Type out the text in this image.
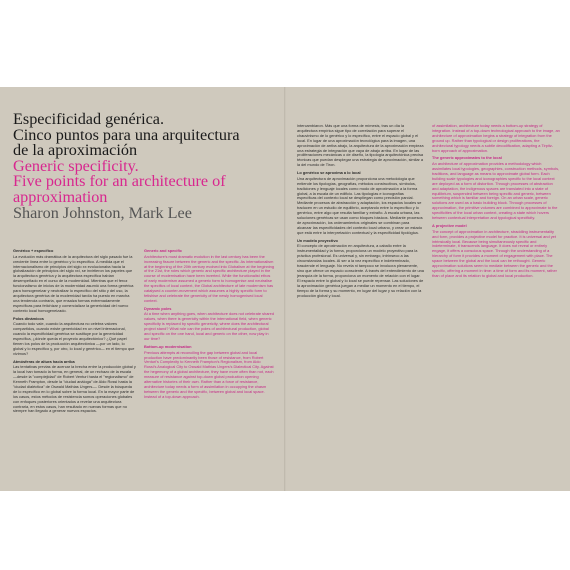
Especificidad genérica.
Cinco puntos para una arquitectura
de la aproximación
Generic specificity.
Five points for an architecture of
approximation
Sharon Johnston, Mark Lee
Genérico + específico

La evolución más dramática de la arquitectura del siglo pasado fue la creciente línea entre lo genérico y lo específico. A medida que el internacionalismo de principios del siglo xx evolucionaba hacia la globalización de principios del siglo xxi, se invirtieron los papeles que la arquitectura genérica y la arquitectura específica habían desempeñado en el curso de la modernidad. Mientras que el feroz funcionalismo de inicios de la modernidad asumió una forma genérica para homogeneizar y neutralizar lo específico del sitio y del uso, la arquitectura genérica de la modernidad tardía ha puesto en marcha una tendencia contraria, que ensalza formas extremadamente específicas para fetichizar y comercializar la genericidad del nuevo contexto local homogeneizado.

Polos dinámicos

Cuando todo vale, cuando la arquitectura no celebra valores compartidos, cuando existe genericidad en un nivel internacional, cuando la especificidad genérica se sustituye por la genericidad específica, ¿dónde queda el proyecto arquitectónico? ¿Qué papel tienen los polos de la producción arquitectónica —por un lado, lo global y lo específico y, por otro, lo local y genérico— en el tiempo que vivimos?

Atmósferas de altura hacia arriba

Las tentativas previas de acercar la brecha entre la producción global y la local han tomado la forma, en general, de un rechazo de la escala —desde la "complejidad" de Robert Venturi hasta el "regionalismo" de Kenneth Frampton, desde la "ciudad análoga" de Aldo Rossi hasta la "ciudad dialéctica" de Oswald Mathias Ungers—. Desde la búsqueda de lo específico en lo global sobre la forma local. En la mayor parte de los casos, estos métodos de resistencia somos operaciones globales con enfoques posteriores orientados a revelar una arquitectura contraria, en estos casos, han resultado en nuevas formas que no siempre han llegado a generar nuevos espacios.

Generic and specific

Architecture's most dramatic evolution in the last century has been the increasing fissure between the generic and the specific. As internationalism at the beginning of the 20th century evolved into Globalism at the beginning of the 21st, the roles which generic and specific architecture played in the course of modernisation have been inverted. While the functionalist ethos of early modernism assumed a generic form to homogenise and neutralise the specifics of local context, the Global architecture of late modernism has catalysed a counter-movement which assumes a highly specific form to fetishise and celebrate the genericity of the newly homogenised local context.

Dynamic poles

At a time when anything goes, when architecture does not celebrate shared values, when there is genericity within the international field, when generic specificity is replaced by specific genericity, where does the architectural project stand? What role can the poles of architectural production, global and specific on the one hand, local and generic on the other, now play in our time?

Bottom-up modernisation

Previous attempts at reconciling the gap between global and local production have predominantly been those of resistance, from Robert Venturi's Complexity to Kenneth Frampton's Regionalism, from Aldo Rossi's Analogical City to Oswald Mathias Ungers's Dialectical City. Against the hegemony of a global architecture, they have more often than not, each measure of resistance against top-down global production opening alternative histories of their own. Rather than a force of resistance, architecture today needs a form of assimilation in occupying the chasm between the generic and the specific, between global and local space. Instead of a top-down approach.

intercambiaron. Más que una forma de mímesis, tras un día la arquitectura empírica sigue tipo de correlación para superar el chauvinismo de lo genérico y lo específico, entre el espacio global y el local. En lugar de una aproximación tecnológica para la imagen, una aproximación de arriba abajo, la arquitectura de la aproximación empieza una estrategia de integración que vaya de abajo arriba. En lugar de las proliferaciones mecánicas o de diseño, la tipología arquitectónica precisa técnicas que puedan desplegar una estrategia de aproximación, similar a la del mundo de Tiron.

Lo genérico se aproxima a lo local

Una arquitectura de aproximación proporciona una metodología que entiende los tipologías, geografías, métodos constructivos, símbolos, tradiciones y lenguaje locales como modo de aproximación a la forma global, a la escala de un edificio. Las tipologías e iconografías específicas del contexto local se despliegan como precisión parcial. Mediante procesos de abstracción y adaptación, los espacios locales se traducen en un estudio de equilibrio, aceptando entre lo específico y lo genérico, entre algo que resulta familiar y extraño. A escala urbana, las soluciones genéricas se usan como bloques básicos. Mediante procesos de aproximación, los ordenamientos originales se combinan para alcanzar las especificidades del contexto local urbano, y crear un estado que está entre la interpretación contextual y la especificidad tipológica.

Un modelo proyectivo

El concepto de aproximación en arquitectura, a caballo entre la instrumentalidad y la forma, proporciona un modelo proyectivo para la práctica profesional. Es universal y, sin embargo, intrínseco a las circunstancias locales. Al ser a la vez específico e indeterminado, trasciende el lenguaje. No revela ni tampoco se involucra plenamente, sino que ofrece un espacio consciente. A través del entendimiento de una jerarquía de la forma, proporciona un momento de relación con el lugar. El espacio entre lo global y lo local se puede repensar. Las soluciones de la aproximación genérica juegan a mediar un momento en el tiempo, el tiempo de la forma y su momento, en lugar del lugar y su relación con la producción global y local.

of assimilation, architecture today needs a bottom-up strategy of integration. Instead of a top-down technological approach to the image, an architecture of approximation begins a strategy of integration from the ground up. Rather than typological or design proliferations, the architectural typology needs a subtle decodification, adapting a Tirpitz-born approach of approximation.

The generic approximates to the local

An architecture of approximation provides a methodology which assimilates local typologies, geographies, construction methods, symbols, traditions, and language as means to approximate global form. Each building scale typologies and iconographies specific to the local context are deployed as a form of distortion. Through processes of abstraction and adaptation, the indigenous spaces are translated into a state of equilibrium, suspended between being specific and generic, between something which is familiar and foreign. On an urban scale, generic solutions are used as a basic building block. Through processes of approximation, the primitive volumes are combined to approximate to the specificities of the local urban context, creating a state which hovers between contextual interpretation and typological specificity.

A projective model

The concept of approximation in architecture, straddling instrumentality and form, provides a projective model for practice. It is universal and yet intrinsically local. Because being simultaneously specific and indeterminate, it transcends language. It does not reveal or entirely engage, it offers a conscious space. Through the understanding of a hierarchy of form it provides a moment of engagement with place. The space between the global and the local can be rethought. Generic approximation solutions seem to mediate between the generic and the specific, offering a moment in time: a time of form and its moment, rather than of place and its relation to global and local production.
